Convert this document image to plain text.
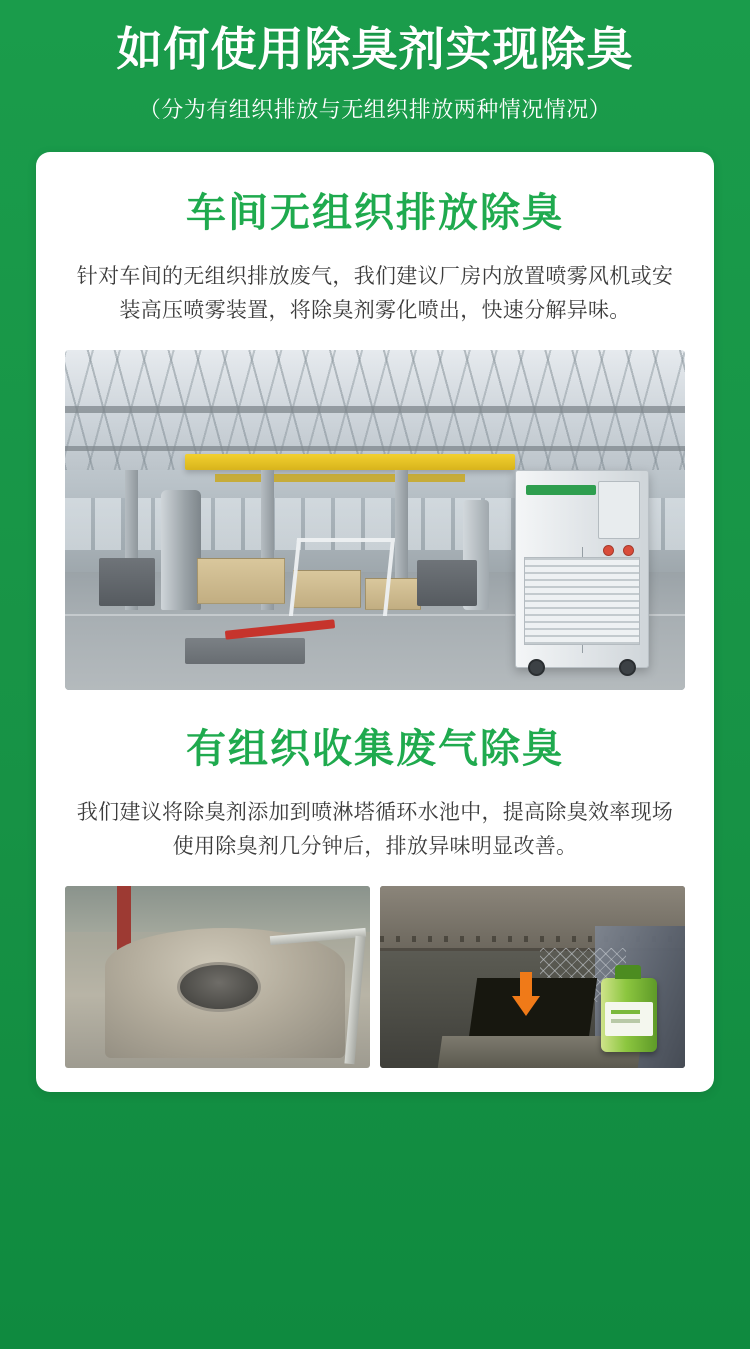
如何使用除臭剂实现除臭
（分为有组织排放与无组织排放两种情况情况）
车间无组织排放除臭

针对车间的无组织排放废气，我们建议厂房内放置喷雾风机或安装高压喷雾装置，将除臭剂雾化喷出，快速分解异味。

有组织收集废气除臭

我们建议将除臭剂添加到喷淋塔循环水池中，提高除臭效率现场使用除臭剂几分钟后，排放异味明显改善。
